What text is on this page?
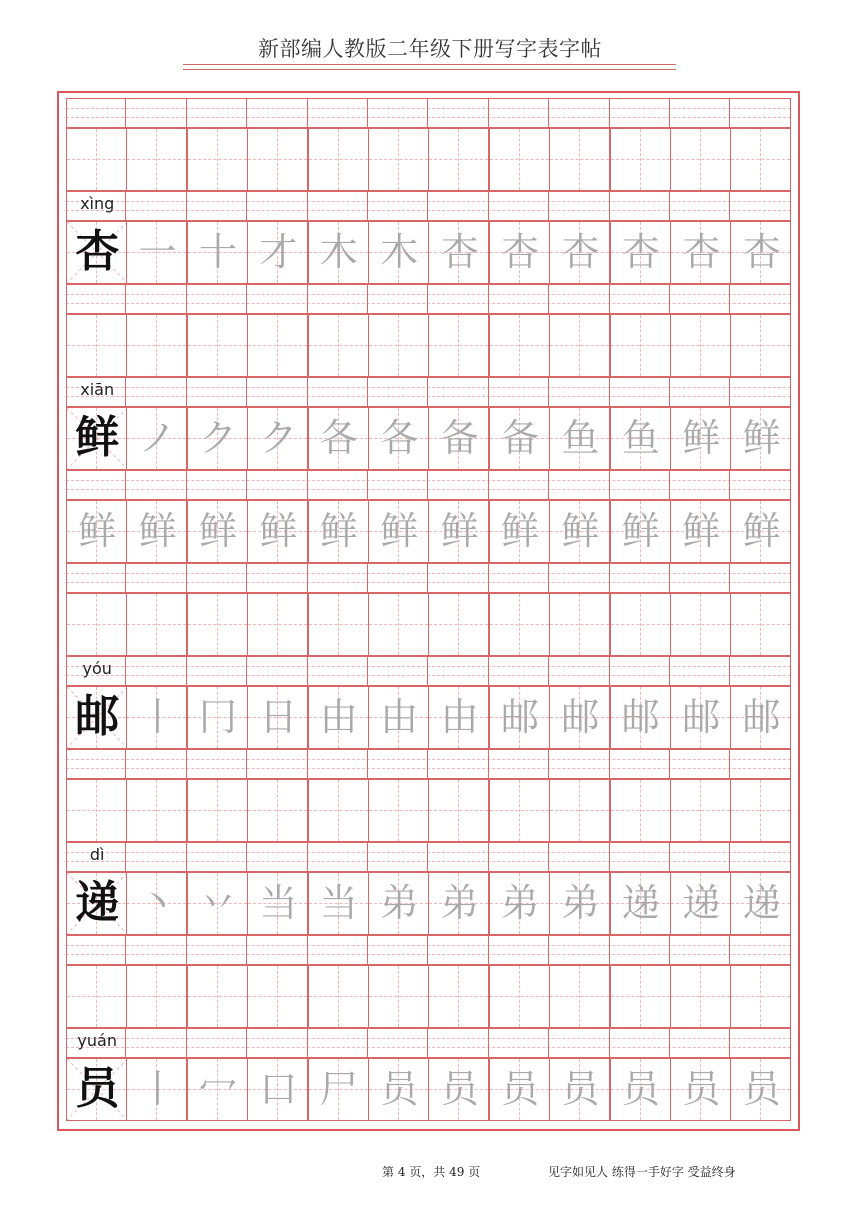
新部编人教版二年级下册写字表字帖
xìng
杏 一 十 才 木 木 杏 杏 杏 杏 杏 杏
xiān
鲜 ノ ク ク 各 各 备 备 鱼 鱼 鲜 鲜
鲜 鲜 鲜 鲜 鲜 鲜 鲜 鲜 鲜 鲜 鲜 鲜
yóu
邮 丨 冂 日 由 由 由 邮 邮 邮 邮 邮
dì
递 丶 丷 当 当 弟 弟 弟 弟 递 递 递
yuán
员 丨 冖 口 尸 员 员 员 员 员 员 员
第 4 页，共 49 页	见字如见人 练得一手好字 受益终身
